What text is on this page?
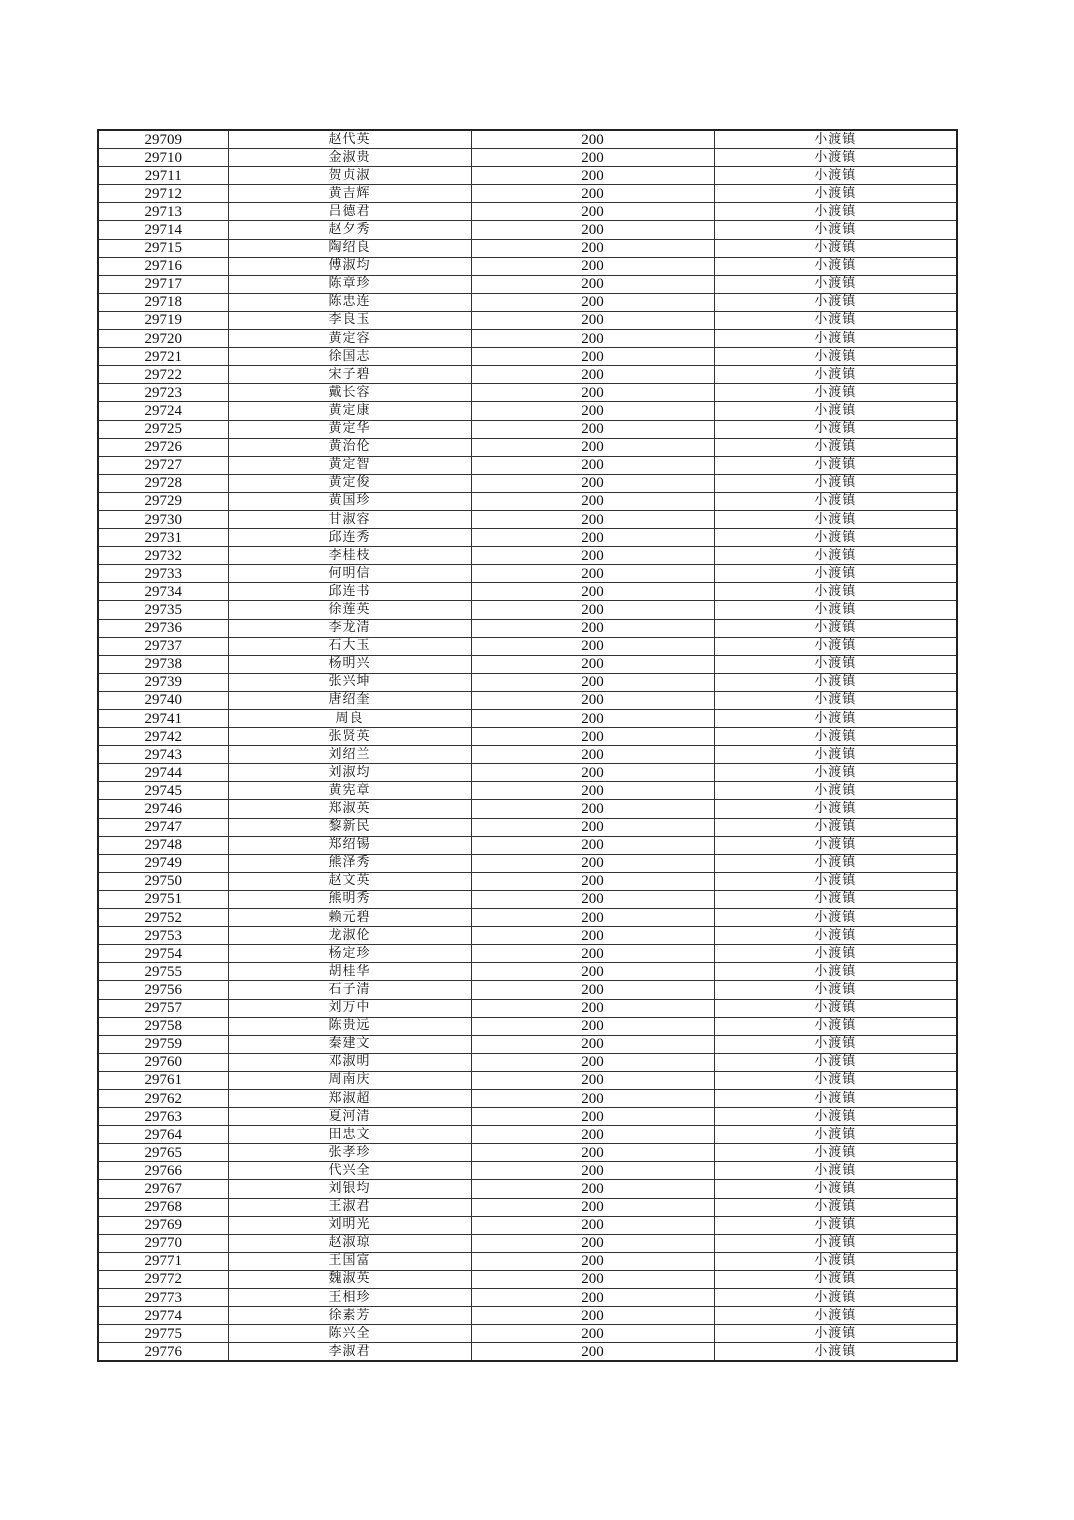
29709	赵代英	200	小渡镇
29710	金淑贵	200	小渡镇
29711	贺贞淑	200	小渡镇
29712	黄吉辉	200	小渡镇
29713	吕德君	200	小渡镇
29714	赵夕秀	200	小渡镇
29715	陶绍良	200	小渡镇
29716	傅淑均	200	小渡镇
29717	陈章珍	200	小渡镇
29718	陈忠连	200	小渡镇
29719	李良玉	200	小渡镇
29720	黄定容	200	小渡镇
29721	徐国志	200	小渡镇
29722	宋子碧	200	小渡镇
29723	戴长容	200	小渡镇
29724	黄定康	200	小渡镇
29725	黄定华	200	小渡镇
29726	黄治伦	200	小渡镇
29727	黄定智	200	小渡镇
29728	黄定俊	200	小渡镇
29729	黄国珍	200	小渡镇
29730	甘淑容	200	小渡镇
29731	邱连秀	200	小渡镇
29732	李桂枝	200	小渡镇
29733	何明信	200	小渡镇
29734	邱连书	200	小渡镇
29735	徐莲英	200	小渡镇
29736	李龙清	200	小渡镇
29737	石大玉	200	小渡镇
29738	杨明兴	200	小渡镇
29739	张兴坤	200	小渡镇
29740	唐绍奎	200	小渡镇
29741	周良	200	小渡镇
29742	张贤英	200	小渡镇
29743	刘绍兰	200	小渡镇
29744	刘淑均	200	小渡镇
29745	黄宪章	200	小渡镇
29746	郑淑英	200	小渡镇
29747	黎新民	200	小渡镇
29748	郑绍锡	200	小渡镇
29749	熊泽秀	200	小渡镇
29750	赵文英	200	小渡镇
29751	熊明秀	200	小渡镇
29752	赖元碧	200	小渡镇
29753	龙淑伦	200	小渡镇
29754	杨定珍	200	小渡镇
29755	胡桂华	200	小渡镇
29756	石子清	200	小渡镇
29757	刘万中	200	小渡镇
29758	陈贵远	200	小渡镇
29759	秦建文	200	小渡镇
29760	邓淑明	200	小渡镇
29761	周南庆	200	小渡镇
29762	郑淑超	200	小渡镇
29763	夏河清	200	小渡镇
29764	田忠文	200	小渡镇
29765	张孝珍	200	小渡镇
29766	代兴全	200	小渡镇
29767	刘银均	200	小渡镇
29768	王淑君	200	小渡镇
29769	刘明光	200	小渡镇
29770	赵淑琼	200	小渡镇
29771	王国富	200	小渡镇
29772	魏淑英	200	小渡镇
29773	王相珍	200	小渡镇
29774	徐素芳	200	小渡镇
29775	陈兴全	200	小渡镇
29776	李淑君	200	小渡镇
